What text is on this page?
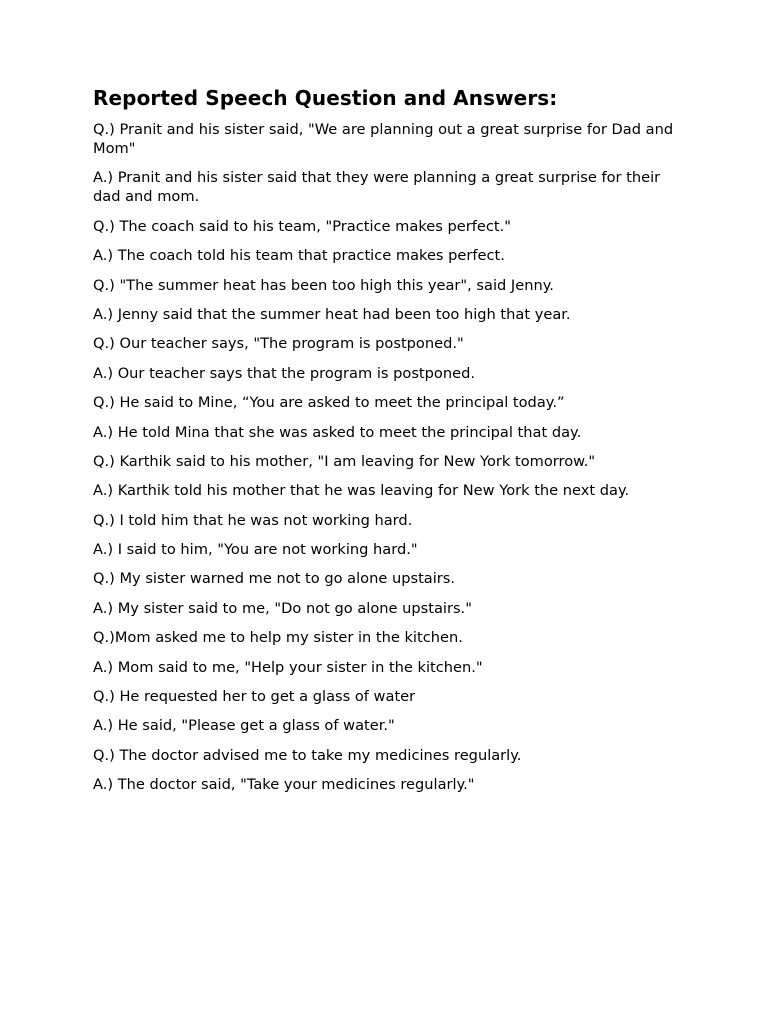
Reported Speech Question and Answers:

Q.) Pranit and his sister said, "We are planning out a great surprise for Dad and Mom"

A.) Pranit and his sister said that they were planning a great surprise for their dad and mom.

Q.) The coach said to his team, "Practice makes perfect."

A.) The coach told his team that practice makes perfect.

Q.) "The summer heat has been too high this year", said Jenny.

A.) Jenny said that the summer heat had been too high that year.

Q.) Our teacher says, "The program is postponed."

A.) Our teacher says that the program is postponed.

Q.) He said to Mine, “You are asked to meet the principal today.”

A.) He told Mina that she was asked to meet the principal that day.

Q.) Karthik said to his mother, "I am leaving for New York tomorrow."

A.) Karthik told his mother that he was leaving for New York the next day.

Q.) I told him that he was not working hard.

A.) I said to him, "You are not working hard."

Q.) My sister warned me not to go alone upstairs.

A.) My sister said to me, "Do not go alone upstairs."

Q.)Mom asked me to help my sister in the kitchen.

A.) Mom said to me, "Help your sister in the kitchen."

Q.) He requested her to get a glass of water

A.) He said, "Please get a glass of water."

Q.) The doctor advised me to take my medicines regularly.

A.) The doctor said, "Take your medicines regularly."
